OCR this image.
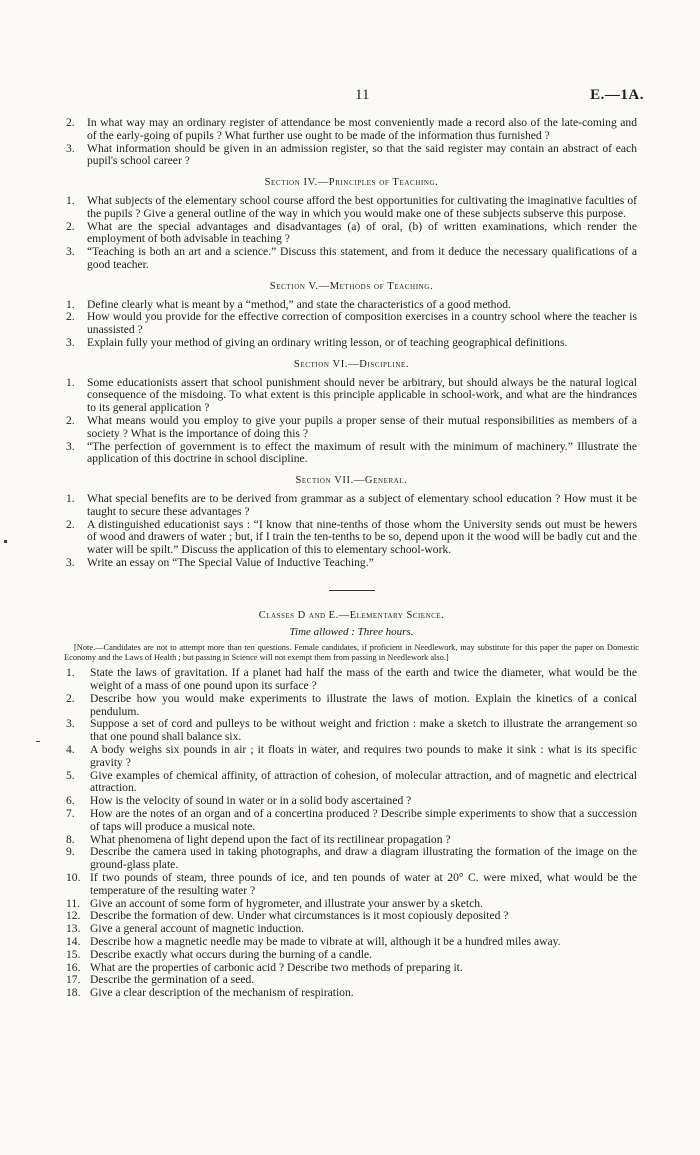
11	E.—1A.
2.	In what way may an ordinary register of attendance be most conveniently made a record also of the late-coming and of the early-going of pupils ? What further use ought to be made of the information thus furnished ?
3.	What information should be given in an admission register, so that the said register may contain an abstract of each pupil's school career ?
Section IV.—Principles of Teaching.
1.	What subjects of the elementary school course afford the best opportunities for cultivating the imaginative faculties of the pupils ? Give a general outline of the way in which you would make one of these subjects subserve this purpose.
2.	What are the special advantages and disadvantages (a) of oral, (b) of written examinations, which render the employment of both advisable in teaching ?
3.	“Teaching is both an art and a science.” Discuss this statement, and from it deduce the necessary qualifications of a good teacher.
Section V.—Methods of Teaching.
1.	Define clearly what is meant by a “method,” and state the characteristics of a good method.
2.	How would you provide for the effective correction of composition exercises in a country school where the teacher is unassisted ?
3.	Explain fully your method of giving an ordinary writing lesson, or of teaching geographical definitions.
Section VI.—Discipline.
1.	Some educationists assert that school punishment should never be arbitrary, but should always be the natural logical consequence of the misdoing. To what extent is this principle applicable in school-work, and what are the hindrances to its general application ?
2.	What means would you employ to give your pupils a proper sense of their mutual responsibilities as members of a society ? What is the importance of doing this ?
3.	“The perfection of government is to effect the maximum of result with the minimum of machinery.” Illustrate the application of this doctrine in school discipline.
Section VII.—General.
1.	What special benefits are to be derived from grammar as a subject of elementary school education ? How must it be taught to secure these advantages ?
2.	A distinguished educationist says : “I know that nine-tenths of those whom the University sends out must be hewers of wood and drawers of water ; but, if I train the ten-tenths to be so, depend upon it the wood will be badly cut and the water will be spilt.” Discuss the application of this to elementary school-work.
3.	Write an essay on “The Special Value of Inductive Teaching.”
Classes D and E.—Elementary Science.
Time allowed : Three hours.
[Note.—Candidates are not to attempt more than ten questions. Female candidates, if proficient in Needlework, may substitute for this paper the paper on Domestic Economy and the Laws of Health ; but passing in Science will not exempt them from passing in Needlework also.]
1.	State the laws of gravitation. If a planet had half the mass of the earth and twice the diameter, what would be the weight of a mass of one pound upon its surface ?
2.	Describe how you would make experiments to illustrate the laws of motion. Explain the kinetics of a conical pendulum.
3.	Suppose a set of cord and pulleys to be without weight and friction : make a sketch to illustrate the arrangement so that one pound shall balance six.
4.	A body weighs six pounds in air ; it floats in water, and requires two pounds to make it sink : what is its specific gravity ?
5.	Give examples of chemical affinity, of attraction of cohesion, of molecular attraction, and of magnetic and electrical attraction.
6.	How is the velocity of sound in water or in a solid body ascertained ?
7.	How are the notes of an organ and of a concertina produced ? Describe simple experiments to show that a succession of taps will produce a musical note.
8.	What phenomena of light depend upon the fact of its rectilinear propagation ?
9.	Describe the camera used in taking photographs, and draw a diagram illustrating the formation of the image on the ground-glass plate.
10. If two pounds of steam, three pounds of ice, and ten pounds of water at 20° C. were mixed, what would be the temperature of the resulting water ?
11. Give an account of some form of hygrometer, and illustrate your answer by a sketch.
12. Describe the formation of dew. Under what circumstances is it most copiously deposited ?
13. Give a general account of magnetic induction.
14. Describe how a magnetic needle may be made to vibrate at will, although it be a hundred miles away.
15. Describe exactly what occurs during the burning of a candle.
16. What are the properties of carbonic acid ? Describe two methods of preparing it.
17. Describe the germination of a seed.
18. Give a clear description of the mechanism of respiration.
